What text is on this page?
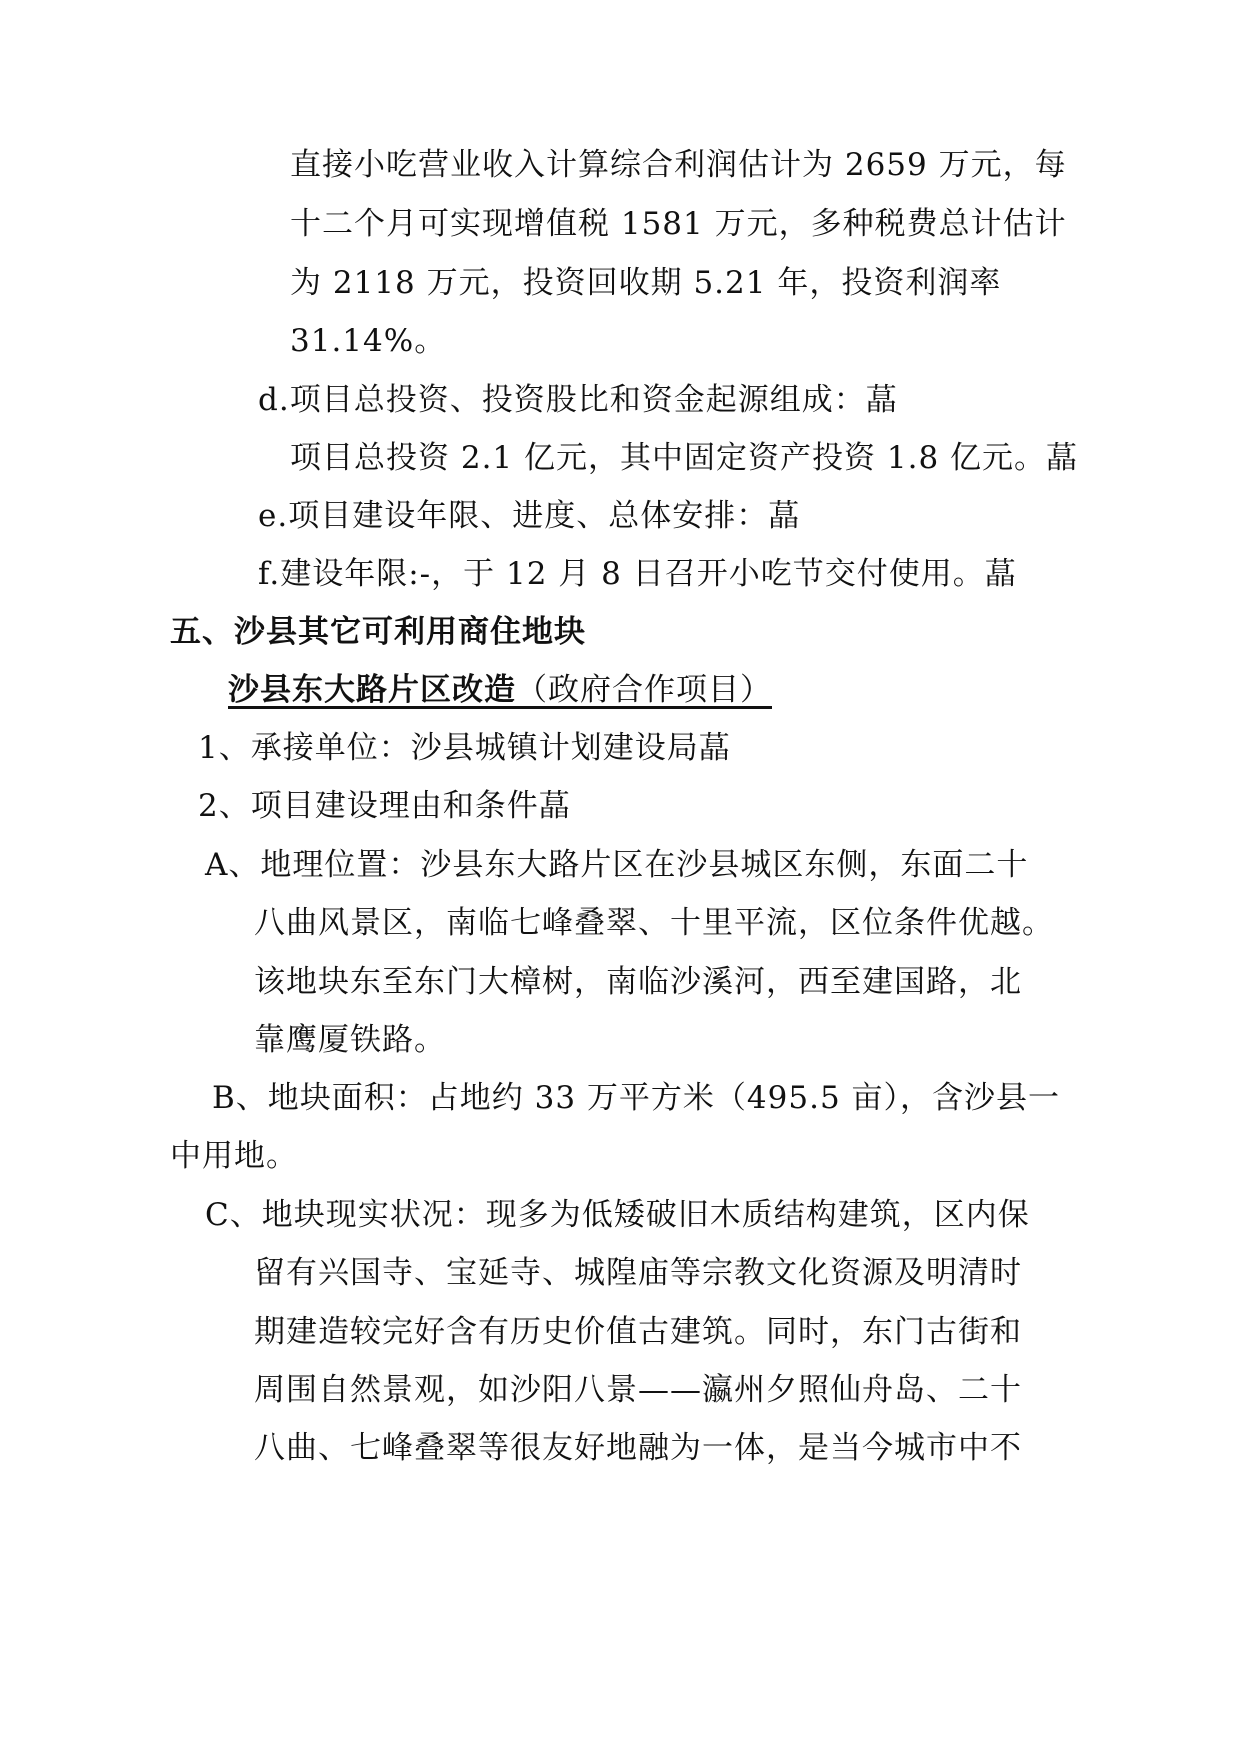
直接小吃营业收入计算综合利润估计为 2659 万元，每
十二个月可实现增值税 1581 万元，多种税费总计估计
为 2118 万元，投资回收期 5.21 年，投资利润率
31.14%。
d.项目总投资、投资股比和资金起源组成：蕌
项目总投资 2.1 亿元，其中固定资产投资 1.8 亿元。蕌
e.项目建设年限、进度、总体安排：蕌
f.建设年限:-，于 12 月 8 日召开小吃节交付使用。蕌
五、沙县其它可利用商住地块
沙县东大路片区改造（政府合作项目）
1、承接单位：沙县城镇计划建设局蕌
2、项目建设理由和条件蕌
A、地理位置：沙县东大路片区在沙县城区东侧，东面二十
八曲风景区，南临七峰叠翠、十里平流，区位条件优越。
该地块东至东门大樟树，南临沙溪河，西至建国路，北
靠鹰厦铁路。
B、地块面积：占地约 33 万平方米（495.5 亩），含沙县一
中用地。
C、地块现实状况：现多为低矮破旧木质结构建筑，区内保
留有兴国寺、宝延寺、城隍庙等宗教文化资源及明清时
期建造较完好含有历史价值古建筑。同时，东门古街和
周围自然景观，如沙阳八景——瀛州夕照仙舟岛、二十
八曲、七峰叠翠等很友好地融为一体，是当今城市中不
